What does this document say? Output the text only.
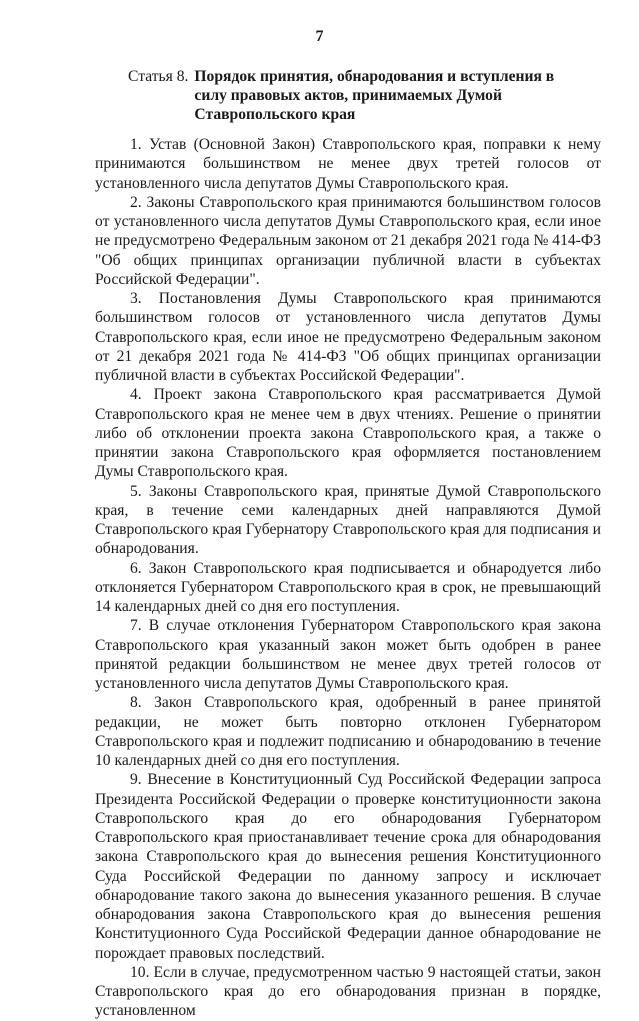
7
Статья 8. Порядок принятия, обнародования и вступления в силу правовых актов, принимаемых Думой Ставропольского края

1. Устав (Основной Закон) Ставропольского края, поправки к нему принимаются большинством не менее двух третей голосов от установленного числа депутатов Думы Ставропольского края.

2. Законы Ставропольского края принимаются большинством голосов от установленного числа депутатов Думы Ставропольского края, если иное не предусмотрено Федеральным законом от 21 декабря 2021 года № 414-ФЗ "Об общих принципах организации публичной власти в субъектах Российской Федерации".

3. Постановления Думы Ставропольского края принимаются большинством голосов от установленного числа депутатов Думы Ставропольского края, если иное не предусмотрено Федеральным законом от 21 декабря 2021 года № 414-ФЗ "Об общих принципах организации публичной власти в субъектах Российской Федерации".

4. Проект закона Ставропольского края рассматривается Думой Ставропольского края не менее чем в двух чтениях. Решение о принятии либо об отклонении проекта закона Ставропольского края, а также о принятии закона Ставропольского края оформляется постановлением Думы Ставропольского края.

5. Законы Ставропольского края, принятые Думой Ставропольского края, в течение семи календарных дней направляются Думой Ставропольского края Губернатору Ставропольского края для подписания и обнародования.

6. Закон Ставропольского края подписывается и обнародуется либо отклоняется Губернатором Ставропольского края в срок, не превышающий 14 календарных дней со дня его поступления.

7. В случае отклонения Губернатором Ставропольского края закона Ставропольского края указанный закон может быть одобрен в ранее принятой редакции большинством не менее двух третей голосов от установленного числа депутатов Думы Ставропольского края.

8. Закон Ставропольского края, одобренный в ранее принятой редакции, не может быть повторно отклонен Губернатором Ставропольского края и подлежит подписанию и обнародованию в течение 10 календарных дней со дня его поступления.

9. Внесение в Конституционный Суд Российской Федерации запроса Президента Российской Федерации о проверке конституционности закона Ставропольского края до его обнародования Губернатором Ставропольского края приостанавливает течение срока для обнародования закона Ставропольского края до вынесения решения Конституционного Суда Российской Федерации по данному запросу и исключает обнародование такого закона до вынесения указанного решения. В случае обнародования закона Ставропольского края до вынесения решения Конституционного Суда Российской Федерации данное обнародование не порождает правовых последствий.

10. Если в случае, предусмотренном частью 9 настоящей статьи, закон Ставропольского края до его обнародования признан в порядке, установленном
